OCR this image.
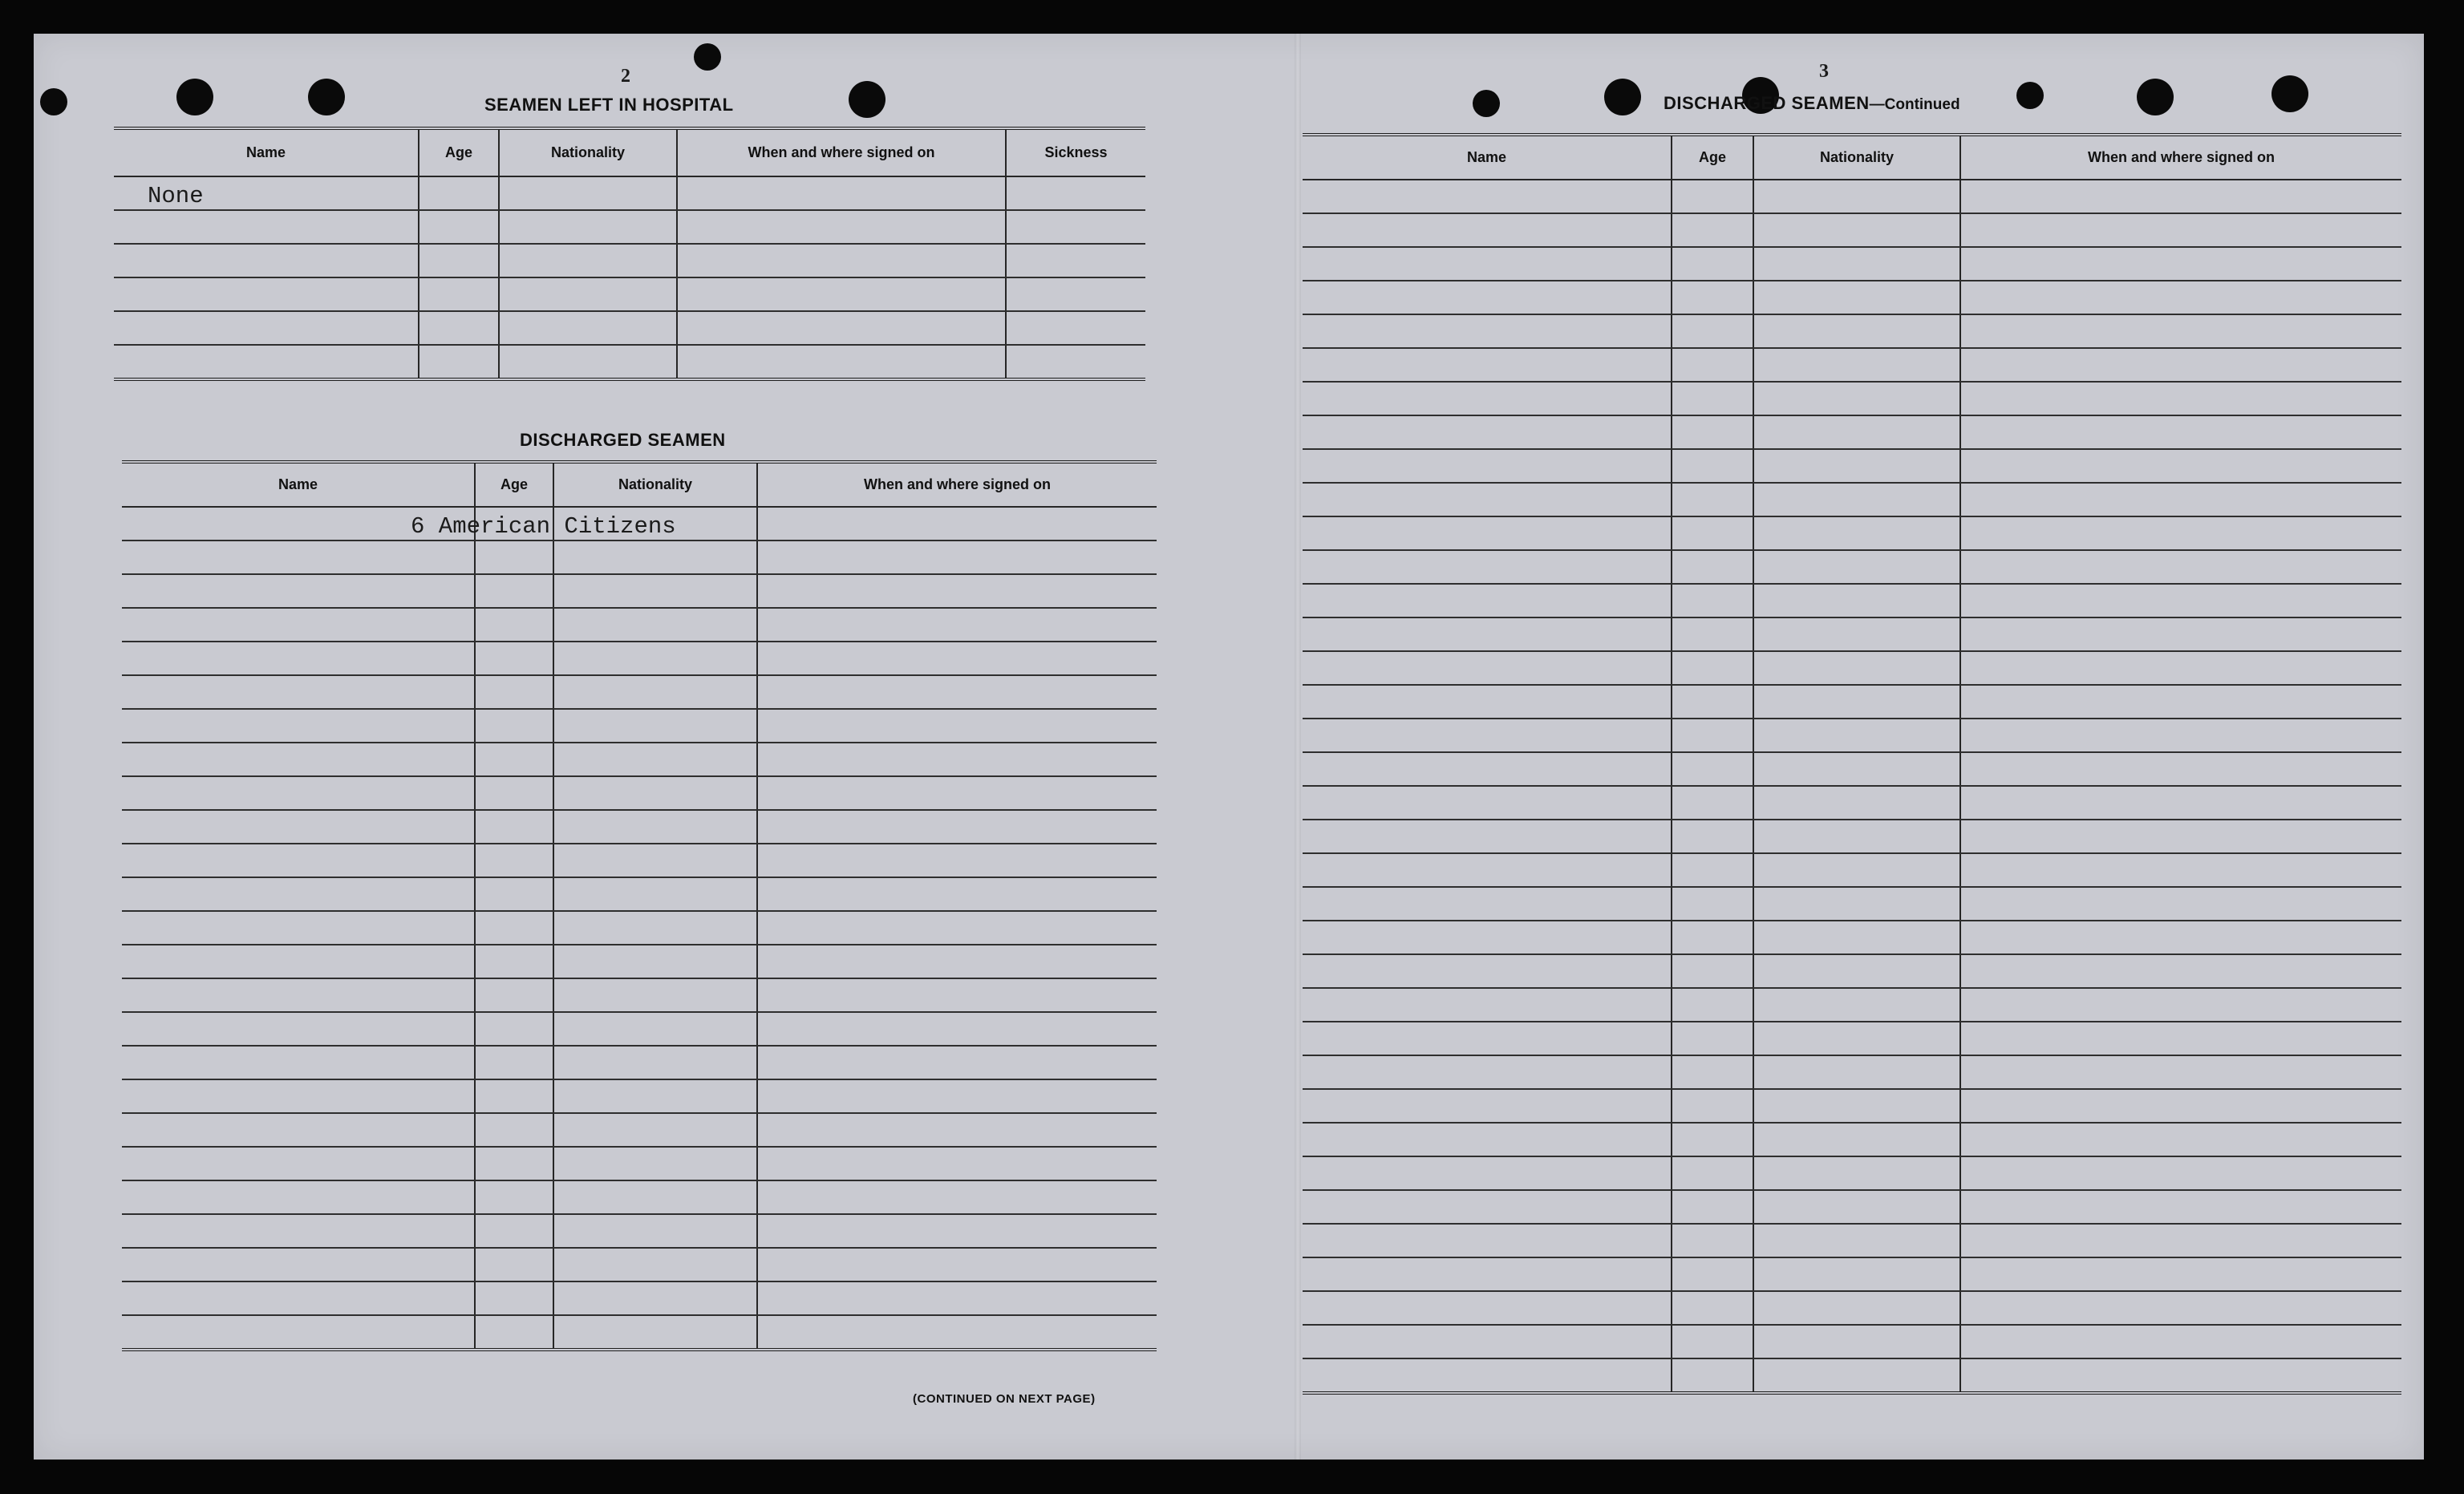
2
SEAMEN LEFT IN HOSPITAL
Name	Age	Nationality	When and where signed on	Sickness
None				

DISCHARGED SEAMEN
Name	Age	Nationality	When and where signed on
6 American Citizens			

(CONTINUED ON NEXT PAGE)
3
DISCHARGED SEAMEN—Continued
Name	Age	Nationality	When and where signed on
